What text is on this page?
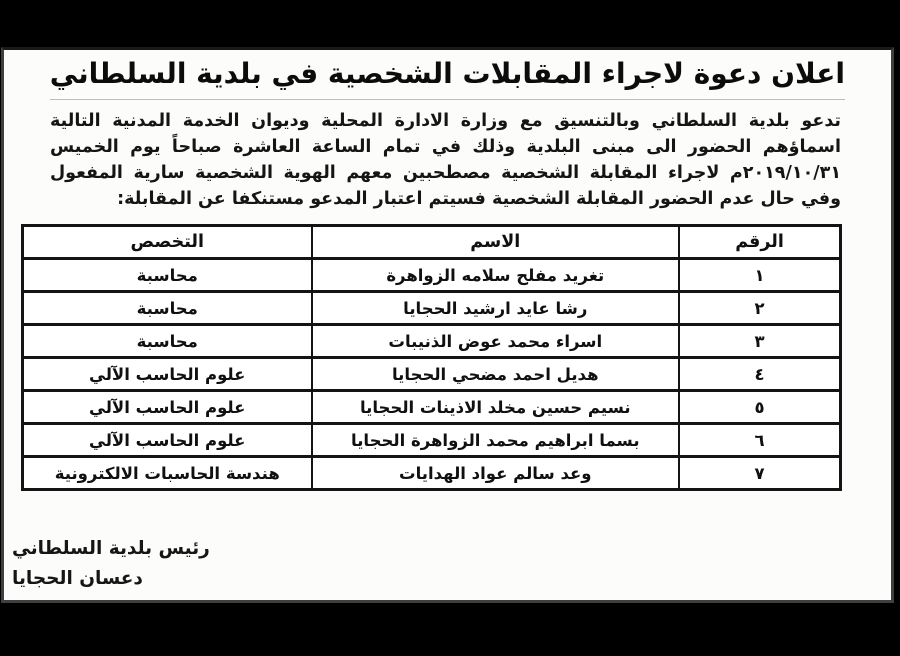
اعلان دعوة لاجراء المقابلات الشخصية في بلدية السلطاني
تدعو بلدية السلطاني وبالتنسيق مع وزارة الادارة المحلية وديوان الخدمة المدنية التالية اسماؤهم الحضور الى مبنى البلدية وذلك في تمام الساعة العاشرة صباحاً يوم الخميس ٢٠١٩/١٠/٣١م لاجراء المقابلة الشخصية مصطحبين معهم الهوية الشخصية سارية المفعول وفي حال عدم الحضور المقابلة الشخصية فسيتم اعتبار المدعو مستنكفا عن المقابلة:
الرقم	الاسم	التخصص
١	تغريد مفلح سلامه الزواهرة	محاسبة
٢	رشا عايد ارشيد الحجايا	محاسبة
٣	اسراء محمد عوض الذنيبات	محاسبة
٤	هديل احمد مضحي الحجايا	علوم الحاسب الآلي
٥	نسيم حسين مخلد الاذينات الحجايا	علوم الحاسب الآلي
٦	بسما ابراهيم محمد الزواهرة الحجايا	علوم الحاسب الآلي
٧	وعد سالم عواد الهدايات	هندسة الحاسبات الالكترونية
رئيس بلدية السلطاني
دعسان الحجايا
